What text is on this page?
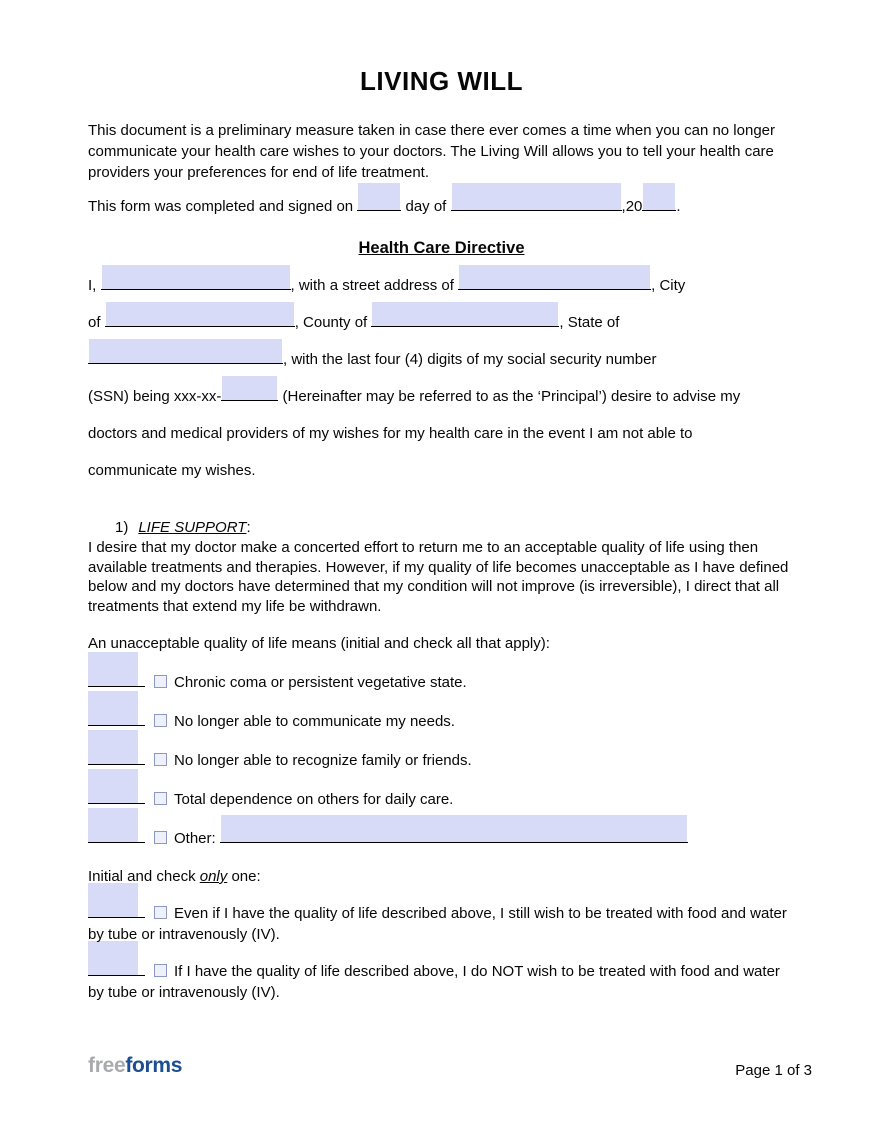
LIVING WILL

This document is a preliminary measure taken in case there ever comes a time when you can no longer communicate your health care wishes to your doctors. The Living Will allows you to tell your health care providers your preferences for end of life treatment.

This form was completed and signed on	day of	,20 .

Health Care Directive

I,	, with a street address of	, City
of	, County of	, State of
, with the last four (4) digits of my social security number
(SSN) being xxx-xx-	(Hereinafter may be referred to as the ‘Principal’) desire to advise my
doctors and medical providers of my wishes for my health care in the event I am not able to
communicate my wishes.

1) LIFE SUPPORT:

I desire that my doctor make a concerted effort to return me to an acceptable quality of life using then available treatments and therapies. However, if my quality of life becomes unacceptable as I have defined below and my doctors have determined that my condition will not improve (is irreversible), I direct that all treatments that extend my life be withdrawn.

An unacceptable quality of life means (initial and check all that apply):

Chronic coma or persistent vegetative state.

No longer able to communicate my needs.

No longer able to recognize family or friends.

Total dependence on others for daily care.

Other:

Initial and check only one:

Even if I have the quality of life described above, I still wish to be treated with food and water by tube or intravenously (IV).

If I have the quality of life described above, I do NOT wish to be treated with food and water by tube or intravenously (IV).

freeforms	Page 1 of 3
